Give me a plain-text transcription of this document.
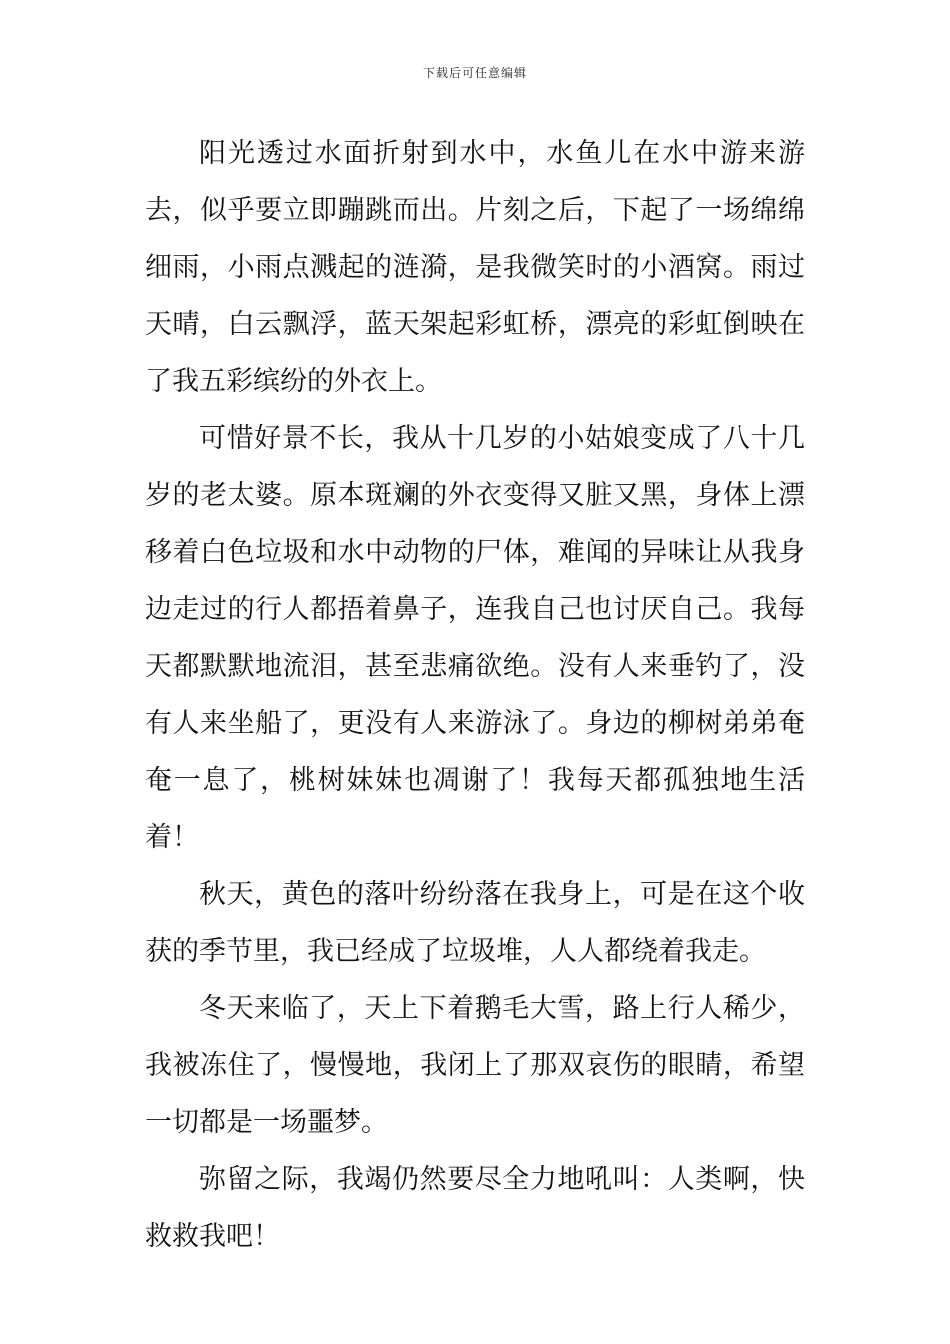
下载后可任意编辑

阳光透过水面折射到水中，水鱼儿在水中游来游去，似乎要立即蹦跳而出。片刻之后，下起了一场绵绵细雨，小雨点溅起的涟漪，是我微笑时的小酒窝。雨过天晴，白云飘浮，蓝天架起彩虹桥，漂亮的彩虹倒映在了我五彩缤纷的外衣上。

可惜好景不长，我从十几岁的小姑娘变成了八十几岁的老太婆。原本斑斓的外衣变得又脏又黑，身体上漂移着白色垃圾和水中动物的尸体，难闻的异味让从我身边走过的行人都捂着鼻子，连我自己也讨厌自己。我每天都默默地流泪，甚至悲痛欲绝。没有人来垂钓了，没有人来坐船了，更没有人来游泳了。身边的柳树弟弟奄奄一息了，桃树妹妹也凋谢了！我每天都孤独地生活着！

秋天，黄色的落叶纷纷落在我身上，可是在这个收获的季节里，我已经成了垃圾堆，人人都绕着我走。

冬天来临了，天上下着鹅毛大雪，路上行人稀少，我被冻住了，慢慢地，我闭上了那双哀伤的眼睛，希望一切都是一场噩梦。

弥留之际，我竭仍然要尽全力地吼叫：人类啊，快救救我吧！
